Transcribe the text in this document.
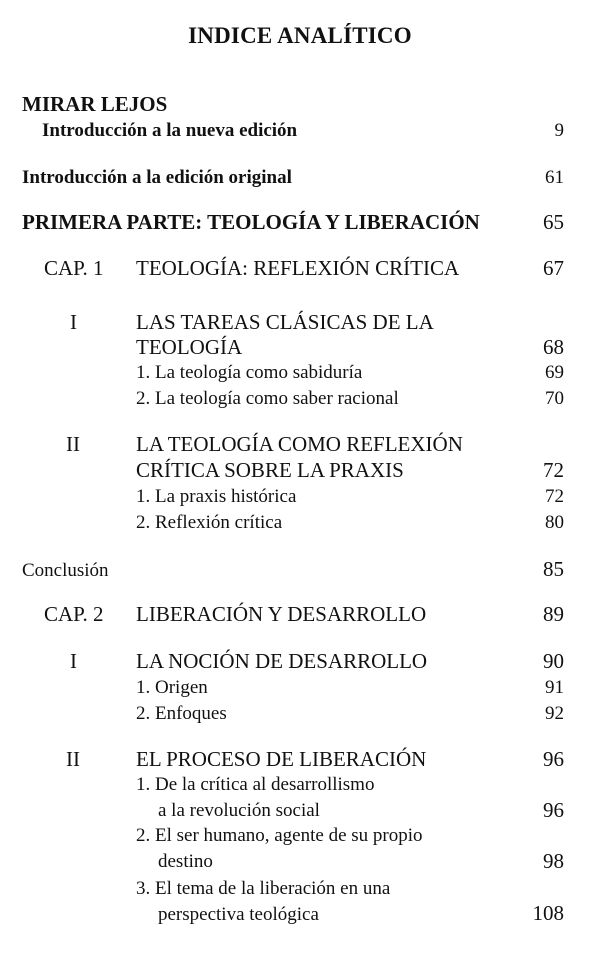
INDICE ANALÍTICO
MIRAR LEJOS
Introducción a la nueva edición	9
Introducción a la edición original	61
PRIMERA PARTE: TEOLOGÍA Y LIBERACIÓN	65
CAP. 1 TEOLOGÍA: REFLEXIÓN CRÍTICA	67
I	LAS TAREAS CLÁSICAS DE LA
TEOLOGÍA	68
1. La teología como sabiduría	69
2. La teología como saber racional	70
II	LA TEOLOGÍA COMO REFLEXIÓN
CRÍTICA SOBRE LA PRAXIS	72
1. La praxis histórica	72
2. Reflexión crítica	80
Conclusión	85
CAP. 2 LIBERACIÓN Y DESARROLLO	89
I	LA NOCIÓN DE DESARROLLO	90
1. Origen	91
2. Enfoques	92
II	EL PROCESO DE LIBERACIÓN	96
1. De la crítica al desarrollismo
a la revolución social	96
2. El ser humano, agente de su propio
destino	98
3. El tema de la liberación en una
perspectiva teológica	108
